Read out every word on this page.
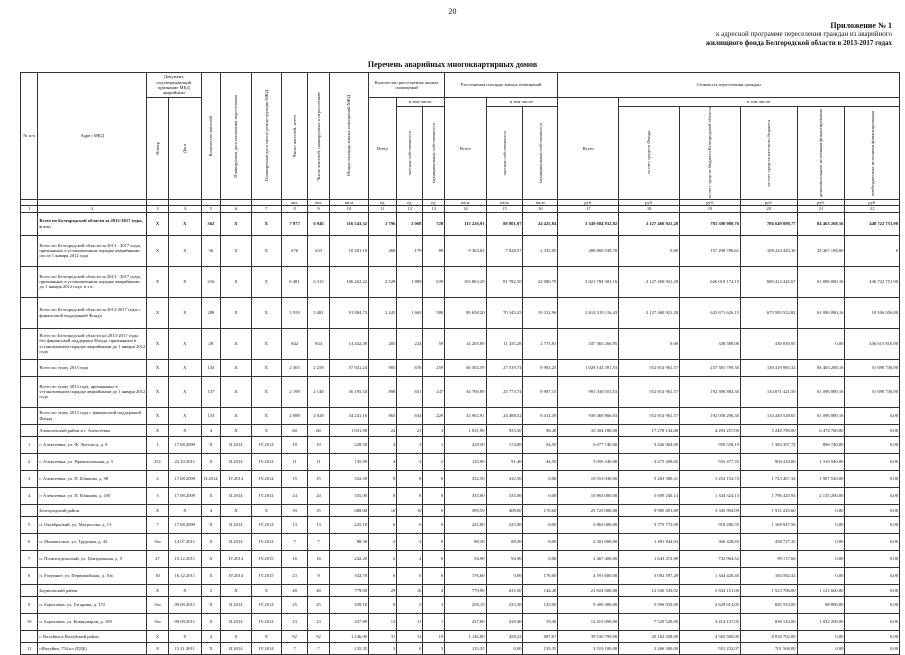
20
Приложение № 1
к адресной программе переселения граждан из аварийного
жилищного фонда Белгородской области в 2013-2017 годах
Перечень аварийных многоквартирных домов
№ п/п	Адрес МКД	Документ, подтверждающий признание МКД аварийным		Количество жителей	Планируемая дата окончания переселения	Планируемая дата сноса/ реконструкции МКД	Число жителей, всего	Число жителей, планируемых к переселению	Общая площадь жилых помещений МКД	Количество расселяемых жилых помещений			Расселяемая площадь жилых помещений			Стоимость переселения граждан					

		Номер	Дата							Всего	в том числе:		Всего	в том числе:		Всего	в том числе:				

											частная собственность	муниципальная собственность		частная собственность	муниципальная собственность		за счет средств Фонда	за счет средств бюджета Белгородской области	за счет средств местного бюджета	дополнительные источники финансирования	внебюджетные источники финансирования

							чел.	чел.	кв.м	ед.	ед.	ед.	кв.м	кв.м	кв.м	руб.	руб.	руб.	руб.	руб.	руб.
1	2	3	4	5	6	7	8	9	10	11	12	13	14	15	16	17	18	19	20	21	22
	Всего по Белгородской области за 2013-2017 годы, в т.ч.:	Х	Х	362	Х	Х	7 977	6 946	116 543,32	2 796	2 068	728	113 226,91	88 801,07	24 425,84	3 349 684 832,82	2 127 460 921,28	783 308 980,76	786 649 890,77	84 463 268,16	448 722 751,90
	Всего по Белгородской области за 2013 - 2017 годы, признанных в установленном порядке аварийными после 1 января 2012 года	Х	Х	36	Х	Х	676	633	10 281,10	268	179	89	9 363,62	7 028,57	2 335,05	288 800 538,78	0,00	157 298 786,61	108 224 445,10	23 367 188,00	0
	Всего по Белгородской области за 2013 - 2017 годы, признанных в установленном порядке аварийными до 1 января 2012 года, в т.ч.:	Х	Х	316	Х	Х	6 481	6 315	106 262,22	2 528	1 889	639	103 863,29	81 782,50	22 080,79	3 021 784 303,16	2 127 460 921,28	626 010 174,15	680 414 445,67	61 096 080,16	446 722 751,90
	Всего по Белгородской области за 2013-2017 годы с финансовой поддержкой Фонда	Х	Х	288	Х	Х	5 559	5 481	91 884,73	2 245	1 665	580	89 658,20	70 345,25	19 312,96	2 614 319 116,43	2 127 460 921,28	625 671 626,15	675 583 552,82	61 096 080,16	10 106 956,80
	Всего по Белгородской области на 2013-2017 годы без финансовой поддержки Фонда, признанных в установленном порядке аварийными до 1 января 2012 года	Х	Х	28	Х	Х	842	834	14 442,49	283	224	59	14 205,09	11 435,28	2 773,81	437 365 266,95	0,00	338 588,00	430 030,95	0,00	436 615 816,90
	Всего по этапу 2013 года	Х	Х	143	Х	Х	2 305	2 258	37 941,24	903	676	259	36 502,59	27 519,74	8 983,25	1 028 143 391,53	552 814 961,57	237 381 799,30	138 419 985,32	84 463 268,16	51 690 736,90
	Всего по этапу 2013 года, признанных в установленном порядке аварийными до 1 января 2012 года	Х	Х	137	Х	Х	2 198	2 148	36 195,34	898	651	247	34 760,89	25 773,74	8 987,15	991 330 053,53	552 814 961,57	192 396 884,30	134 671 421,50	61 096 080,16	51 690 736,90
	Всего по этапу 2013 года с финансовой поддержкой Фонда	Х	Х	133	Х	Х	2 088	2 028	34 241,16	863	634	229	33 902,91	24 488,52	8 414,39	939 469 866,03	552 814 961,57	192 058 296,30	134 240 528,65	61 096 080,16	0,00
	Алексеевский район и г. Алексеевка	Х	Х	4	Х	Х	60	60	1 031,90	24	21	3	1 031,90	933,50	98,40	33 304 180,00	17 278 134,00	4 293 257,00	5 248 789,00	6 474 760,00	0,00
1	г. Алексеевка, ул. Ф. Энгельса, д. 8	1	17.08.2009	Х	II.2014	IV.2014	10	10	228,50	4	3	1	228,50	174,00	54,50	6 677 740,00	3 426 004,00	950 558,19	1 384 397,72	896 740,00	0,00
2	г. Алексеевка, ул. Привокзальная, д. 5	251	22.10.2011	Х	II.2014	IV.2014	11	11	135,90	4	2	2	135,90	91,40	44,50	5 050 240,00	2 275 209,65	553 477,35	904 418,00	1 316 940,00	0,00
3	г. Алексеевка, ул. П. Юшкова, д. 98	2	17.08.2009	II.2014	IV.2014	IV.2014	15	15	332,50	8	8	0	332,50	332,50	0,00	10 553 030,00	5 263 580,21	1 254 152,72	1 723 467,34	1 907 520,00	0,00
4	г. Алексеевка, ул. П. Юшкова, д. 100	3	17.08.2009	Х	II.2014	IV.2014	24	24	335,00	8	8	0	335,00	335,00	0,00	10 863 000,00	5 609 240,14	1 344 324,13	1 796 425,94	2 135 200,00	0,00
	Белгородский район	Х	Х	4	Х	Х	39	35	688,00	16	10	6	589,50	408,00	176,60	25 723 000,00	9 985 691,89	3 345 994,09	1 911 225,60	0,00	0,00
5	п. Октябрьский, ул. Матросова, д. 13	7	17.08.2009	Х	II.2014	IV.2014	13	13	225,10	6	6	0	225,00	225,00	0,00	5 863 000,00	3 775 772,09	918 280,35	1 168 947,56	0,00	0,00
6	п. Монашеское, ул. Трудовая, д. 42	б/н	14.07.2011	Х	II.2014	IV.2014	7	7	88,30	2	2	0	88,30	88,30	0,00	2 301 000,00	1 481 844,03	360 428,65	458 727,35	0,00	0,00
7	п. Политотдельский, ул. Центральная, д. 5	47	15.12.2011	Х	IV.2014	IV.2015	16	16	242,20	2	2	0	94,90	94,90	0,00	2 467 400,00	1 643 472,89	732 964,52	99 137,68	0,00	0,00
8	п. Разумное, ул. Первомайская, д. 10а	30	16.12.2011	Х	IV.2014	IV.2015	23	9	332,70	6	0	6	176,60	0,00	176,60	4 591 600,00	3 092 597,28	1 344 420,40	184 582,32	0,00	0,00
	Борисовский район	Х	Х	2	Х	Х	48	48	779,90	29	16	4	779,90	635,50	144,40	21 824 000,00	12 336 543,02	5 843 151,00	1 523 706,00	1 121 600,00	0,00
9	п. Борисовка, ул. Гагарина, д. 172	б/н	09.09.2011	Х	II.2014	IV.2014	25	25	258,10	8	5	3	258,10	233,30	125,00	9 409 400,00	5 996 033,00	2 629 014,05	685 553,00	98 800,00	0,00
10	п. Борисовка, ул. Коммунаров, д. 109	б/н	09.09.2011	Х	II.2014	IV.2014	23	23	437,80	12	11	1	437,80	418,40	19,40	12 415 000,00	7 320 520,00	3 214 137,05	838 143,00	1 032 200,00	0,00
	г. Валуйки и Валуйский район	Х	Х	4	Х	Х	92	92	1 146,00	31	12	19	1 146,00	458,23	687,67	39 530 799,00	20 162 458,00	4 565 500,00	8 818 702,00	0,00	0,00
11	г.Валуйки, 754 кл (ПДБ)	8	15.11.2011	Х	II.2014	IV.2014	7	7	135,35	3	0	3	135,35	0,00	135,35	3 519 100,00	2 266 300,00	551 232,07	701 568,00	0,00	0,00
